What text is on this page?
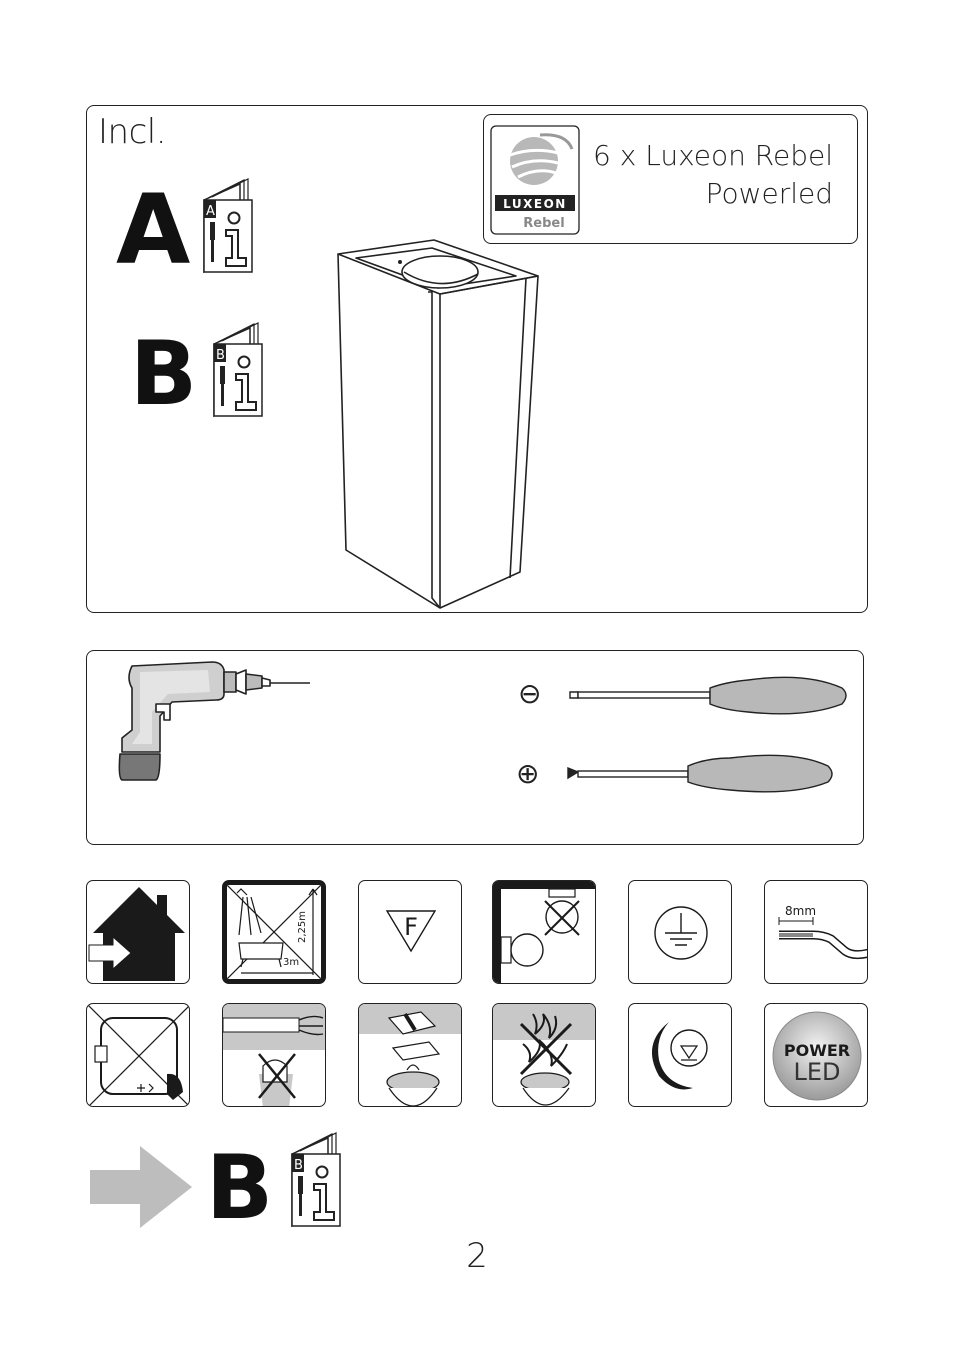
Incl.
A A
B B
LUXEON
Rebel
6 x Luxeon Rebel
Powerled
⊖
⊕
2,25m
3m
F
8mm
POWER
LED
B B
2
